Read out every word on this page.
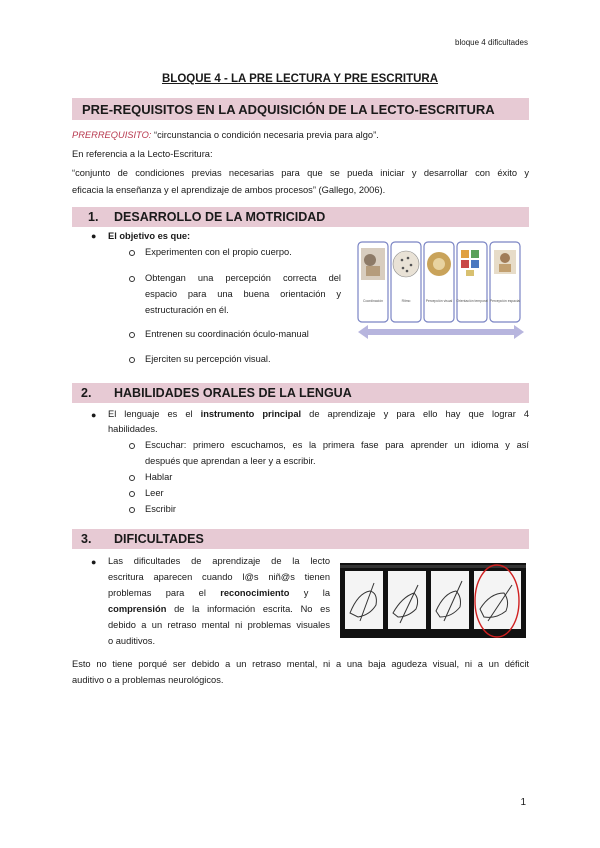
bloque 4 dificultades
BLOQUE 4 - LA PRE LECTURA Y PRE ESCRITURA
PRE-REQUISITOS EN LA ADQUISICIÓN DE LA LECTO-ESCRITURA
PRERREQUISITO: “circunstancia o condición necesaria previa para algo”.
En referencia a la Lecto-Escritura:
“conjunto de condiciones previas necesarias para que se pueda iniciar y desarrollar con éxito y
eficacia la enseñanza y el aprendizaje de ambos procesos” (Gallego, 2006).
1. DESARROLLO DE LA MOTRICIDAD
● El objetivo es que:
Experimenten con el propio cuerpo.
Obtengan una percepción correcta del
espacio para una buena orientación y
estructuración en él.
Entrenen su coordinación óculo-manual
Ejerciten su percepción visual.
Coordinación	Ritmo	Percepción visual Orientación temporal Percepción espacial
2. HABILIDADES ORALES DE LA LENGUA
● El lenguaje es el instrumento principal de aprendizaje y para ello hay que lograr 4
habilidades.
Escuchar: primero escuchamos, es la primera fase para aprender un idioma y así
después que aprendan a leer y a escribir.
Hablar
Leer
Escribir
3. DIFICULTADES
● Las dificultades de aprendizaje de la lecto
escritura aparecen cuando l@s niñ@s tienen
problemas para el reconocimiento y la
comprensión de la información escrita. No es
debido a un retraso mental ni problemas visuales
o auditivos.
Esto no tiene porqué ser debido a un retraso mental, ni a una baja agudeza visual, ni a un déficit
auditivo o a problemas neurológicos.
1
